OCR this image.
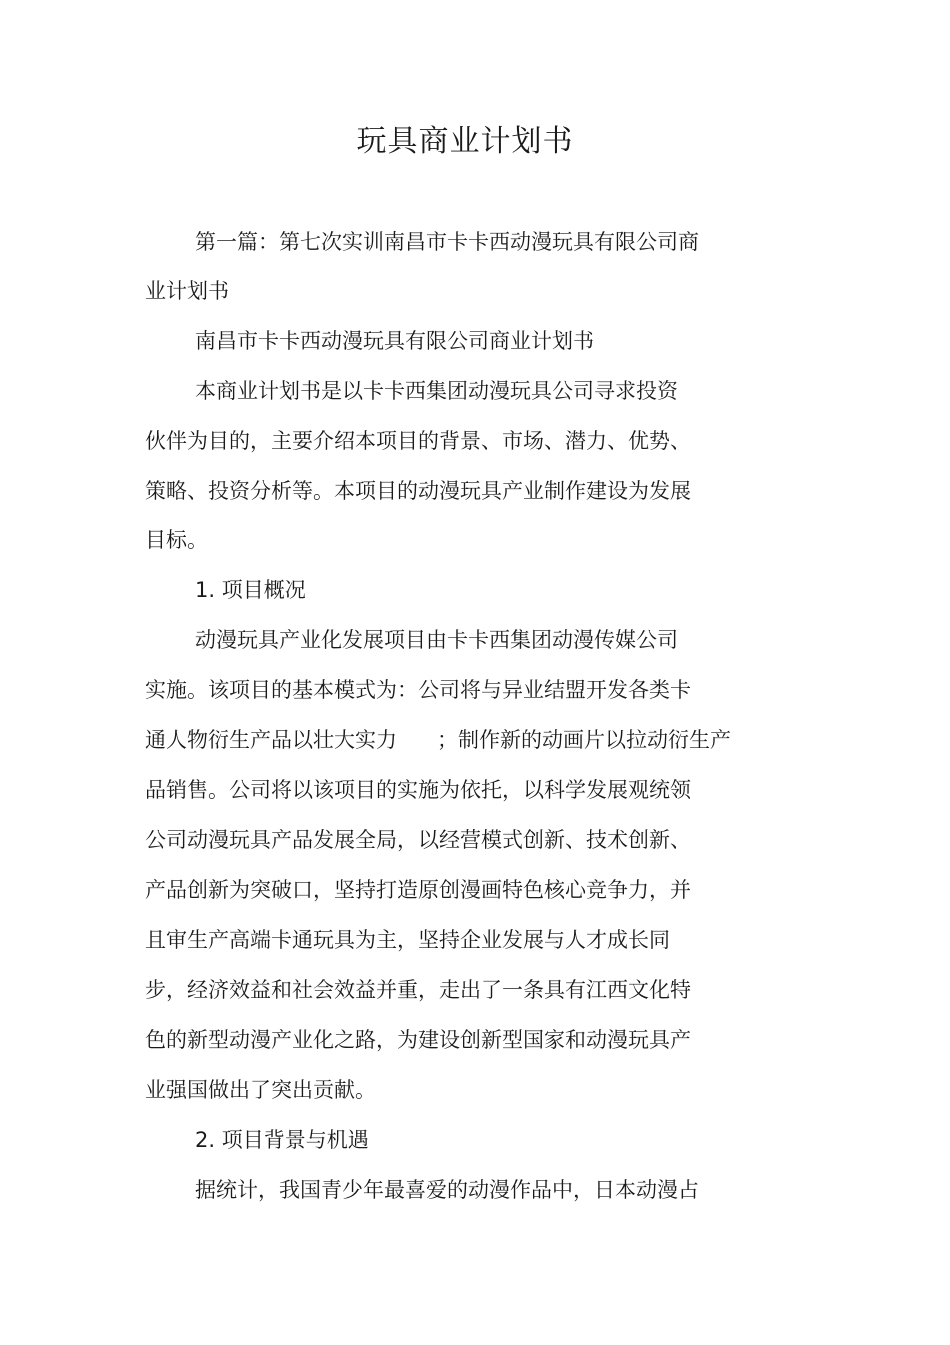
玩具商业计划书

第一篇：第七次实训南昌市卡卡西动漫玩具有限公司商

业计划书

南昌市卡卡西动漫玩具有限公司商业计划书

本商业计划书是以卡卡西集团动漫玩具公司寻求投资

伙伴为目的，主要介绍本项目的背景、市场、潜力、优势、

策略、投资分析等。本项目的动漫玩具产业制作建设为发展

目标。

1. 项目概况

动漫玩具产业化发展项目由卡卡西集团动漫传媒公司

实施。该项目的基本模式为：公司将与异业结盟开发各类卡

通人物衍生产品以壮大实力 ；制作新的动画片以拉动衍生产

品销售。公司将以该项目的实施为依托，以科学发展观统领

公司动漫玩具产品发展全局，以经营模式创新、技术创新、

产品创新为突破口，坚持打造原创漫画特色核心竞争力，并

且审生产高端卡通玩具为主，坚持企业发展与人才成长同

步，经济效益和社会效益并重，走出了一条具有江西文化特

色的新型动漫产业化之路，为建设创新型国家和动漫玩具产

业强国做出了突出贡献。

2. 项目背景与机遇

据统计，我国青少年最喜爱的动漫作品中，日本动漫占
